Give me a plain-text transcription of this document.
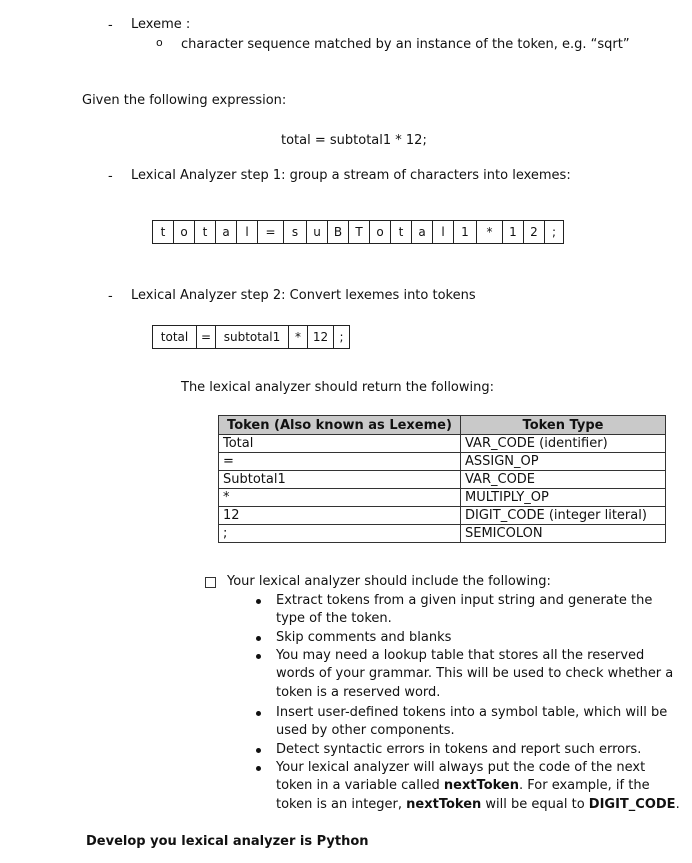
- Lexeme :
o character sequence matched by an instance of the token, e.g. “sqrt”
Given the following expression:
total = subtotal1 * 12;
- Lexical Analyzer step 1: group a stream of characters into lexemes:
t	o	t	a	l	=	s	u	B	T	o	t	a	l	1	*	1	2	;
- Lexical Analyzer step 2: Convert lexemes into tokens
total	=	subtotal1	* 12 ;
The lexical analyzer should return the following:
Token (Also known as Lexeme)	Token Type
Total	VAR_CODE (identifier)
=	ASSIGN_OP
Subtotal1	VAR_CODE
*	MULTIPLY_OP
12	DIGIT_CODE (integer literal)
;	SEMICOLON
Your lexical analyzer should include the following:
Extract tokens from a given input string and generate the
type of the token.
Skip comments and blanks
You may need a lookup table that stores all the reserved
words of your grammar. This will be used to check whether a
token is a reserved word.
Insert user-defined tokens into a symbol table, which will be
used by other components.
Detect syntactic errors in tokens and report such errors.
Your lexical analyzer will always put the code of the next
token in a variable called nextToken. For example, if the
token is an integer, nextToken will be equal to DIGIT_CODE.
Develop you lexical analyzer is Python
